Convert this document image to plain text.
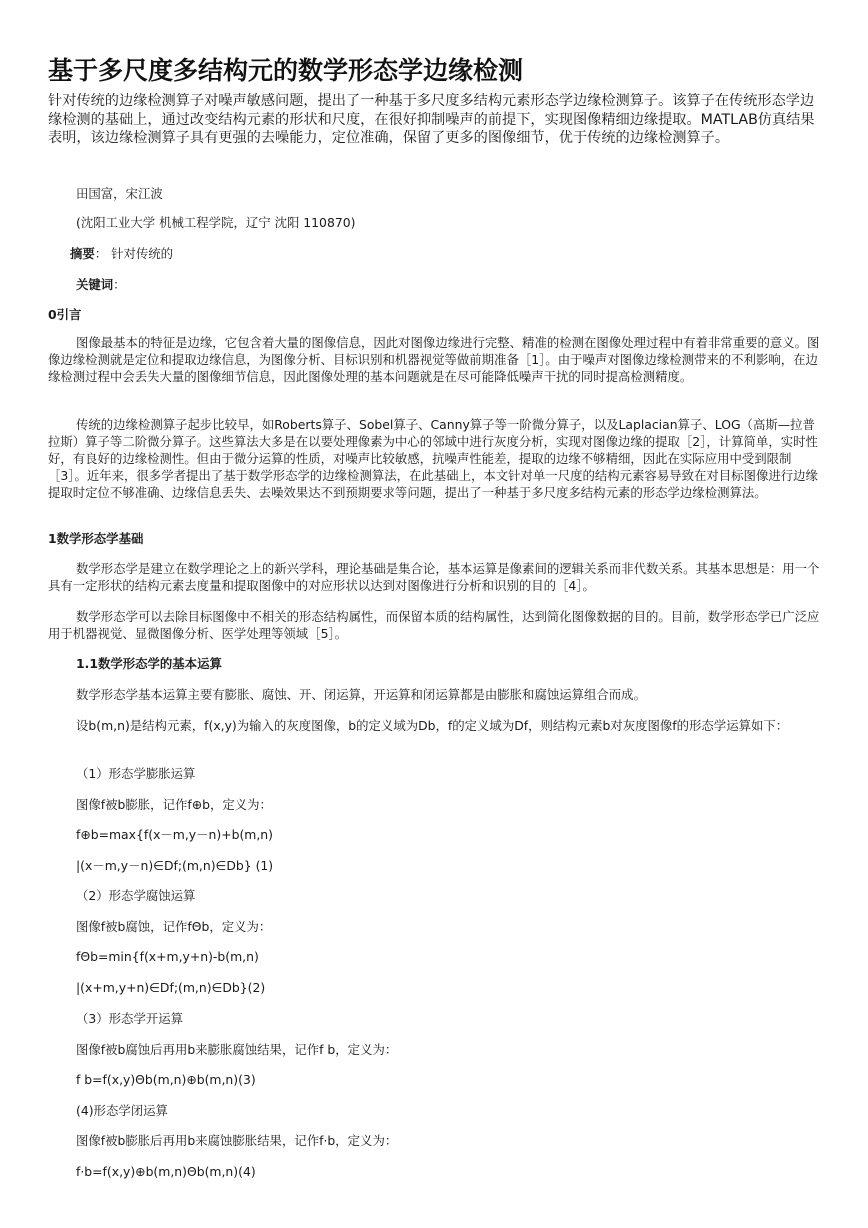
基于多尺度多结构元的数学形态学边缘检测

针对传统的边缘检测算子对噪声敏感问题，提出了一种基于多尺度多结构元素形态学边缘检测算子。该算子在传统形态学边缘检测的基础上，通过改变结构元素的形状和尺度，在很好抑制噪声的前提下，实现图像精细边缘提取。MATLAB仿真结果表明，该边缘检测算子具有更强的去噪能力，定位准确，保留了更多的图像细节，优于传统的边缘检测算子。

田国富，宋江波

(沈阳工业大学 机械工程学院，辽宁 沈阳 110870)

摘要： 针对传统的

关键词：

0引言

图像最基本的特征是边缘，它包含着大量的图像信息，因此对图像边缘进行完整、精准的检测在图像处理过程中有着非常重要的意义。图像边缘检测就是定位和提取边缘信息，为图像分析、目标识别和机器视觉等做前期准备［1］。由于噪声对图像边缘检测带来的不利影响，在边缘检测过程中会丢失大量的图像细节信息，因此图像处理的基本问题就是在尽可能降低噪声干扰的同时提高检测精度。

传统的边缘检测算子起步比较早，如Roberts算子、Sobel算子、Canny算子等一阶微分算子，以及Laplacian算子、LOG（高斯—拉普拉斯）算子等二阶微分算子。这些算法大多是在以要处理像素为中心的邻域中进行灰度分析，实现对图像边缘的提取［2］，计算简单，实时性好，有良好的边缘检测性。但由于微分运算的性质，对噪声比较敏感，抗噪声性能差，提取的边缘不够精细，因此在实际应用中受到限制［3］。近年来，很多学者提出了基于数学形态学的边缘检测算法，在此基础上，本文针对单一尺度的结构元素容易导致在对目标图像进行边缘提取时定位不够准确、边缘信息丢失、去噪效果达不到预期要求等问题，提出了一种基于多尺度多结构元素的形态学边缘检测算法。

1数学形态学基础

数学形态学是建立在数学理论之上的新兴学科，理论基础是集合论，基本运算是像素间的逻辑关系而非代数关系。其基本思想是：用一个具有一定形状的结构元素去度量和提取图像中的对应形状以达到对图像进行分析和识别的目的［4］。

数学形态学可以去除目标图像中不相关的形态结构属性，而保留本质的结构属性，达到简化图像数据的目的。目前，数学形态学已广泛应用于机器视觉、显微图像分析、医学处理等领域［5］。

1.1数学形态学的基本运算

数学形态学基本运算主要有膨胀、腐蚀、开、闭运算，开运算和闭运算都是由膨胀和腐蚀运算组合而成。

设b(m,n)是结构元素，f(x,y)为输入的灰度图像，b的定义域为Db，f的定义域为Df，则结构元素b对灰度图像f的形态学运算如下：

（1）形态学膨胀运算

图像f被b膨胀，记作f⊕b，定义为：

f⊕b=max{f(x－m,y－n)+b(m,n)

|(x－m,y－n)∈Df;(m,n)∈Db} (1)

（2）形态学腐蚀运算

图像f被b腐蚀，记作fΘb，定义为：

fΘb=min{f(x+m,y+n)-b(m,n)

|(x+m,y+n)∈Df;(m,n)∈Db}(2)

（3）形态学开运算

图像f被b腐蚀后再用b来膨胀腐蚀结果，记作f b，定义为：

f b=f(x,y)Θb(m,n)⊕b(m,n)(3)

(4)形态学闭运算

图像f被b膨胀后再用b来腐蚀膨胀结果，记作f·b，定义为：

f·b=f(x,y)⊕b(m,n)Θb(m,n)(4)
